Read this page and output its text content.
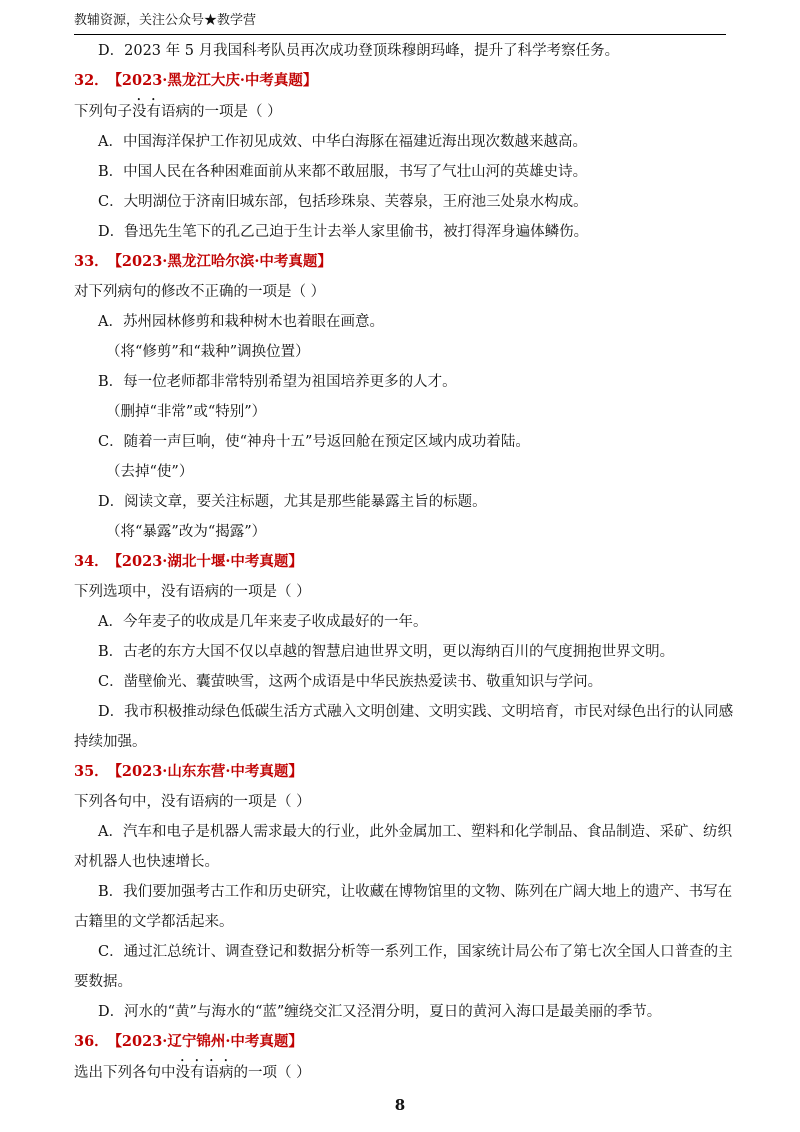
教辅资源，关注公众号★教学营
D．2023 年 5 月我国科考队员再次成功登顶珠穆朗玛峰，提升了科学考察任务。
32． 【2023·黑龙江大庆·中考真题】
下列句子没有语病的一项是（ ）
A．中国海洋保护工作初见成效、中华白海豚在福建近海出现次数越来越高。
B．中国人民在各种困难面前从来都不敢屈服，书写了气壮山河的英雄史诗。
C．大明湖位于济南旧城东部，包括珍珠泉、芙蓉泉，王府池三处泉水构成。
D．鲁迅先生笔下的孔乙己迫于生计去举人家里偷书，被打得浑身遍体鳞伤。
33． 【2023·黑龙江哈尔滨·中考真题】
对下列病句的修改不正确的一项是（ ）
A．苏州园林修剪和栽种树木也着眼在画意。
（将“修剪”和“栽种”调换位置）
B．每一位老师都非常特别希望为祖国培养更多的人才。
（删掉“非常”或“特别”）
C．随着一声巨响，使“神舟十五”号返回舱在预定区域内成功着陆。
（去掉“使”）
D．阅读文章，要关注标题，尤其是那些能暴露主旨的标题。
（将“暴露”改为“揭露”）
34． 【2023·湖北十堰·中考真题】
下列选项中，没有语病的一项是（ ）
A．今年麦子的收成是几年来麦子收成最好的一年。
B．古老的东方大国不仅以卓越的智慧启迪世界文明，更以海纳百川的气度拥抱世界文明。
C．凿壁偷光、囊萤映雪，这两个成语是中华民族热爱读书、敬重知识与学问。
D．我市积极推动绿色低碳生活方式融入文明创建、文明实践、文明培育，市民对绿色出行的认同感
持续加强。
35． 【2023·山东东营·中考真题】
下列各句中，没有语病的一项是（ ）
A．汽车和电子是机器人需求最大的行业，此外金属加工、塑料和化学制品、食品制造、采矿、纺织
对机器人也快速增长。
B．我们要加强考古工作和历史研究，让收藏在博物馆里的文物、陈列在广阔大地上的遗产、书写在
古籍里的文学都活起来。
C．通过汇总统计、调查登记和数据分析等一系列工作，国家统计局公布了第七次全国人口普查的主
要数据。
D．河水的“黄”与海水的“蓝”缠绕交汇又泾渭分明，夏日的黄河入海口是最美丽的季节。
36． 【2023·辽宁锦州·中考真题】
选出下列各句中没有语病的一项（ ）
8
